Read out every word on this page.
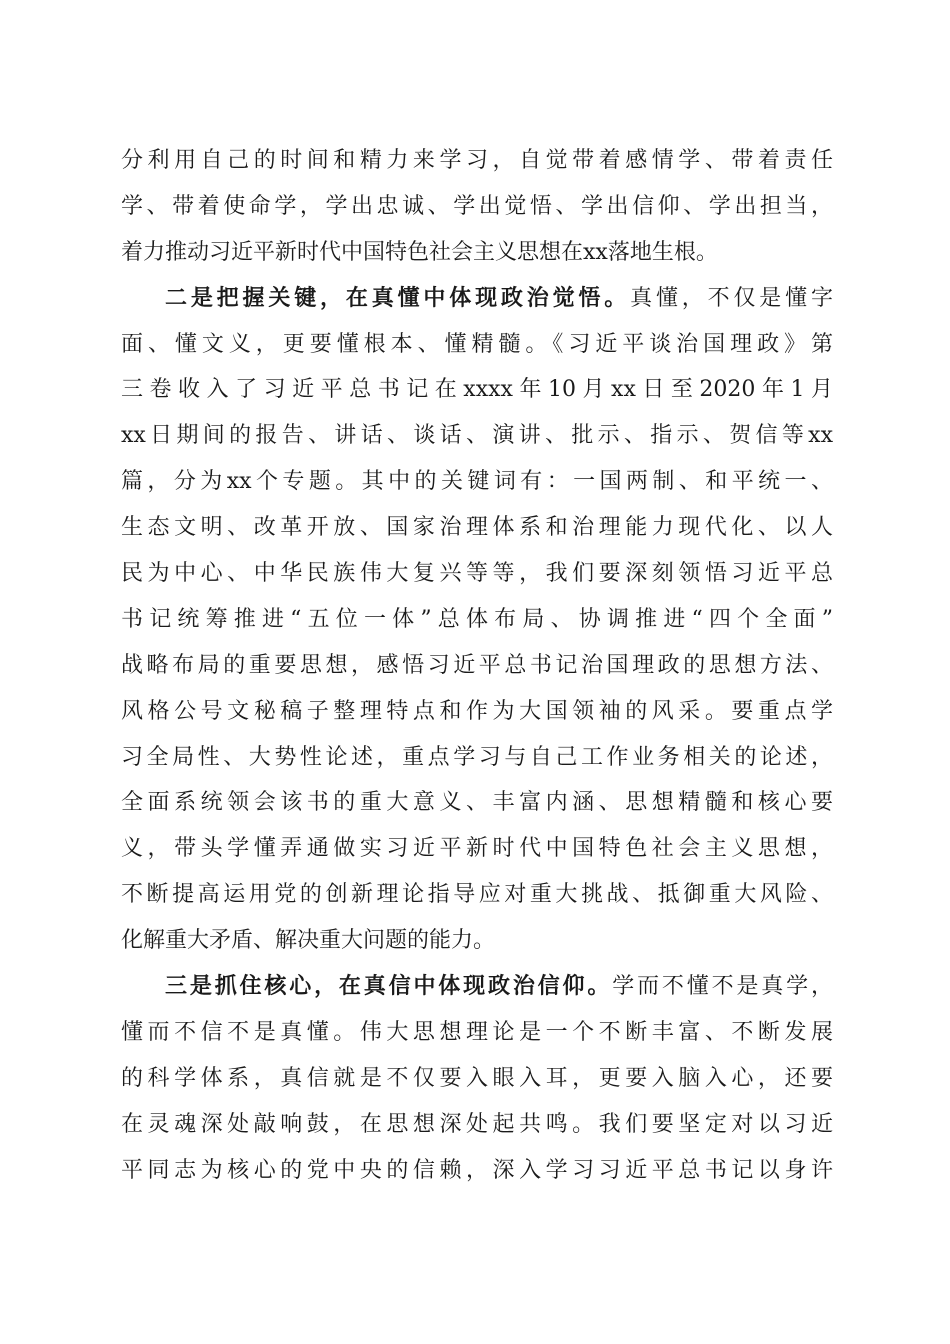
分利用自己的时间和精力来学习，自觉带着感情学、带着责任
学、带着使命学，学出忠诚、学出觉悟、学出信仰、学出担当，
着力推动习近平新时代中国特色社会主义思想在xx落地生根。
二是把握关键，在真懂中体现政治觉悟。真懂，不仅是懂字
面、懂文义，更要懂根本、懂精髓。《习近平谈治国理政》第
三卷收入了习近平总书记在xxxx年10月xx日至2020年1月
xx日期间的报告、讲话、谈话、演讲、批示、指示、贺信等xx
篇，分为xx个专题。其中的关键词有：一国两制、和平统一、
生态文明、改革开放、国家治理体系和治理能力现代化、以人
民为中心、中华民族伟大复兴等等，我们要深刻领悟习近平总
书记统筹推进“五位一体”总体布局、协调推进“四个全面”
战略布局的重要思想，感悟习近平总书记治国理政的思想方法、
风格公号文秘稿子整理特点和作为大国领袖的风采。要重点学
习全局性、大势性论述，重点学习与自己工作业务相关的论述，
全面系统领会该书的重大意义、丰富内涵、思想精髓和核心要
义，带头学懂弄通做实习近平新时代中国特色社会主义思想，
不断提高运用党的创新理论指导应对重大挑战、抵御重大风险、
化解重大矛盾、解决重大问题的能力。
三是抓住核心，在真信中体现政治信仰。学而不懂不是真学，
懂而不信不是真懂。伟大思想理论是一个不断丰富、不断发展
的科学体系，真信就是不仅要入眼入耳，更要入脑入心，还要
在灵魂深处敲响鼓，在思想深处起共鸣。我们要坚定对以习近
平同志为核心的党中央的信赖，深入学习习近平总书记以身许
